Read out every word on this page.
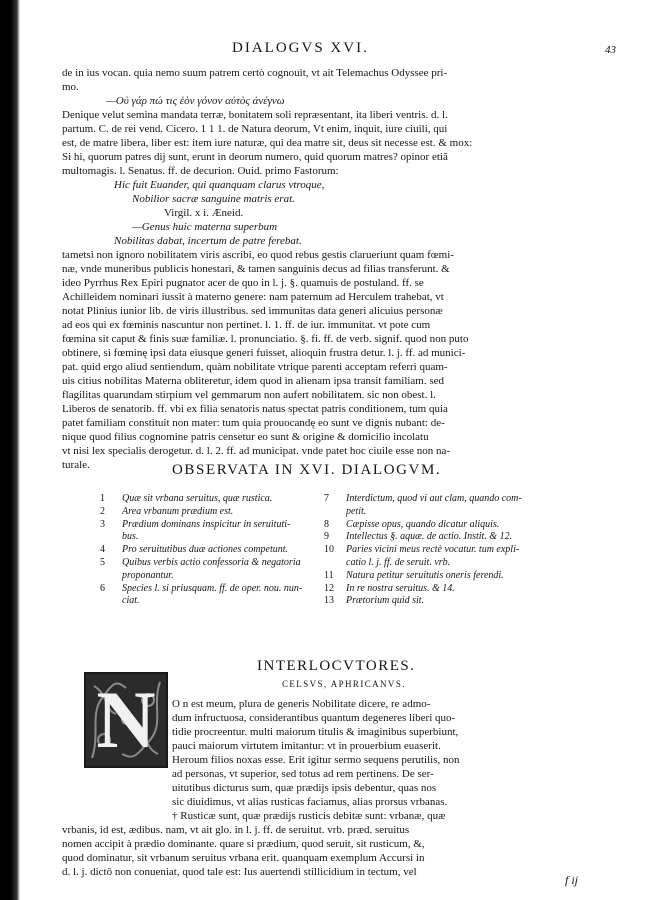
DIALOGVS XVI.	43
de in ius vocan. quia nemo suum patrem certò cognouit, vt ait Telemachus Odyssee pri-
mo.
—Οὐ γάρ πώ τις ἑὸν γόνον αὐτὸς ἀνέγνω
Denique velut semina mandata terræ, bonitatem soli repræsentant, ita liberi ventris. d. l.
partum. C. de rei vend. Cicero. 1 1 1. de Natura deorum, Vt enim, inquit, iure ciuili, qui
est, de matre libera, liber est: item iure naturæ, qui dea matre sit, deus sit necesse est. & mox:
Si hi, quorum patres dij sunt, erunt in deorum numero, quid quorum matres? opinor etiã
multomagis. l. Senatus. ff. de decurion. Ouid. primo Fastorum:
Hic fuit Euander, qui quanquam clarus vtroque,
Nobilior sacræ sanguine matris erat.
Virgil. x i. Æneid.
—Genus huic materna superbum
Nobilitas dabat, incertum de patre ferebat.
tametsi non ignoro nobilitatem viris ascribi, eo quod rebus gestis clarueriunt quam fœmi-
næ, vnde muneribus publicis honestari, & tamen sanguinis decus ad filias transferunt. &
ideo Pyrrhus Rex Epiri pugnator acer de quo in l. j. §. quamuis de postuland. ff. se
Achilleidem nominari iussit à materno genere: nam paternum ad Herculem trahebat, vt
notat Plinius iunior lib. de viris illustribus. sed immunitas data generi alicuius personæ
ad eos qui ex fœminis nascuntur non pertinet. l. 1. ff. de iur. immunitat. vt pote cum
fœmina sit caput & finis suæ familiæ. l. pronunciatio. §. fi. ff. de verb. signif. quod non puto
obtinere, si fœminę ipsi data eiusque generi fuisset, alioquin frustra detur. l. j. ff. ad munici-
pat. quid ergo aliud sentiendum, quàm nobilitate vtrique parenti acceptam referri quam-
uis citius nobilitas Materna obliteretur, idem quod in alienam ipsa transit familiam. sed
flagilitas quarundam stirpium vel gemmarum non aufert nobilitatem. sic non obest. l.
Liberos de senatorib. ff. vbi ex filia senatoris natus spectat patris conditionem, tum quia
patet familiam constituit non mater: tum quia prouocandę eo sunt ve dignis nubant: de-
nique quod filius cognomine patris censetur eo sunt & origine & domicilio incolatu
vt nisi lex specialis derogetur. d. l. 2. ff. ad municipat. vnde patet hoc ciuile esse non na-
turale.	OBSERVATA IN XVI. DIALOGVM.
1	Quæ sit vrbana seruitus, quæ rustica.
2	Area vrbanum prædium est.
3	Prædium dominans inspicitur in seruituti-
bus.
4	Pro seruitutibus duæ actiones competunt.
5	Quibus verbis actio confessoria & negatoria
proponantur.
6	Species l. si priusquam. ff. de oper. nou. nun-
ciat.
7	Interdictum, quod vi aut clam, quando com-
petit.
8	Cæpisse opus, quando dicatur aliquis.
9	Intellectus §. aquæ. de actio. Instit. & 12.
10	Paries vicini meus rectè vocatur. tum expli-
catio l. j. ff. de seruit. vrb.
11	Natura petitur seruitutis oneris ferendi.
12	In re nostra seruitus. & 14.
13	Prætorium quid sit.
INTERLOCVTORES.
CELSVS, APHRICANVS.
N	O n est meum, plura de generis Nobilitate dicere, re admo-
dum infructuosa, considerantibus quantum degeneres liberi quo-
tidie procreentur. multi maiorum titulis & imaginibus superbiunt,
pauci maiorum virtutem imitantur: vt in prouerbium euaserit.
Heroum filios noxas esse. Erit igitur sermo sequens perutilis, non
ad personas, vt superior, sed totus ad rem pertinens. De ser-
uitutibus dicturus sum, quæ prædijs ipsis debentur, quas nos
sic diuidimus, vt alias rusticas faciamus, alias prorsus vrbanas.
† Rusticæ sunt, quæ prædijs rusticis debitæ sunt: vrbanæ, quæ
vrbanis, id est, ædibus. nam, vt ait glo. in l. j. ff. de seruitut. vrb. præd. seruitus
nomen accipit à prædio dominante. quare si prædium, quod seruit, sit rusticum, &,
quod dominatur, sit vrbanum seruitus vrbana erit. quanquam exemplum Accursi in
d. l. j. dictō non conueniat, quod tale est: Ius auertendi stillicidium in tectum, vel
f ij
